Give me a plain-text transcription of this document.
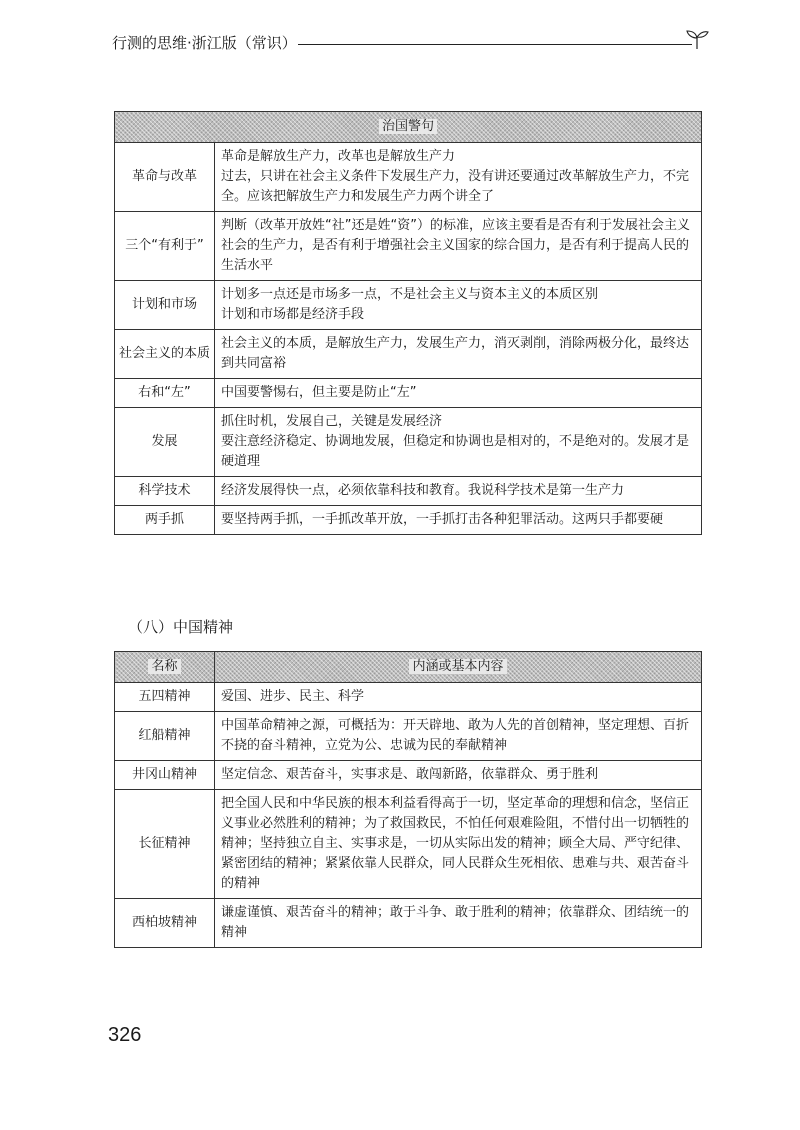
行测的思维·浙江版（常识）
治国警句	
革命与改革	革命是解放生产力，改革也是解放生产力
过去，只讲在社会主义条件下发展生产力，没有讲还要通过改革解放生产力，不完全。应该把解放生产力和发展生产力两个讲全了

三个“有利于”	判断（改革开放姓“社”还是姓“资”）的标准，应该主要看是否有利于发展社会主义社会的生产力，是否有利于增强社会主义国家的综合国力，是否有利于提高人民的生活水平

计划和市场	计划多一点还是市场多一点，不是社会主义与资本主义的本质区别
计划和市场都是经济手段

社会主义的本质	社会主义的本质，是解放生产力，发展生产力，消灭剥削，消除两极分化，最终达到共同富裕

右和“左”	中国要警惕右，但主要是防止“左”

发展	抓住时机，发展自己，关键是发展经济
要注意经济稳定、协调地发展，但稳定和协调也是相对的，不是绝对的。发展才是硬道理

科学技术	经济发展得快一点，必须依靠科技和教育。我说科学技术是第一生产力

两手抓	要坚持两手抓，一手抓改革开放，一手抓打击各种犯罪活动。这两只手都要硬
（八）中国精神
名称	内涵或基本内容
五四精神	爱国、进步、民主、科学
红船精神	中国革命精神之源，可概括为：开天辟地、敢为人先的首创精神，坚定理想、百折不挠的奋斗精神，立党为公、忠诚为民的奉献精神
井冈山精神	坚定信念、艰苦奋斗，实事求是、敢闯新路，依靠群众、勇于胜利
长征精神	把全国人民和中华民族的根本利益看得高于一切，坚定革命的理想和信念，坚信正义事业必然胜利的精神；为了救国救民，不怕任何艰难险阻，不惜付出一切牺牲的精神；坚持独立自主、实事求是，一切从实际出发的精神；顾全大局、严守纪律、紧密团结的精神；紧紧依靠人民群众，同人民群众生死相依、患难与共、艰苦奋斗的精神
西柏坡精神	谦虚谨慎、艰苦奋斗的精神；敢于斗争、敢于胜利的精神；依靠群众、团结统一的精神
326
